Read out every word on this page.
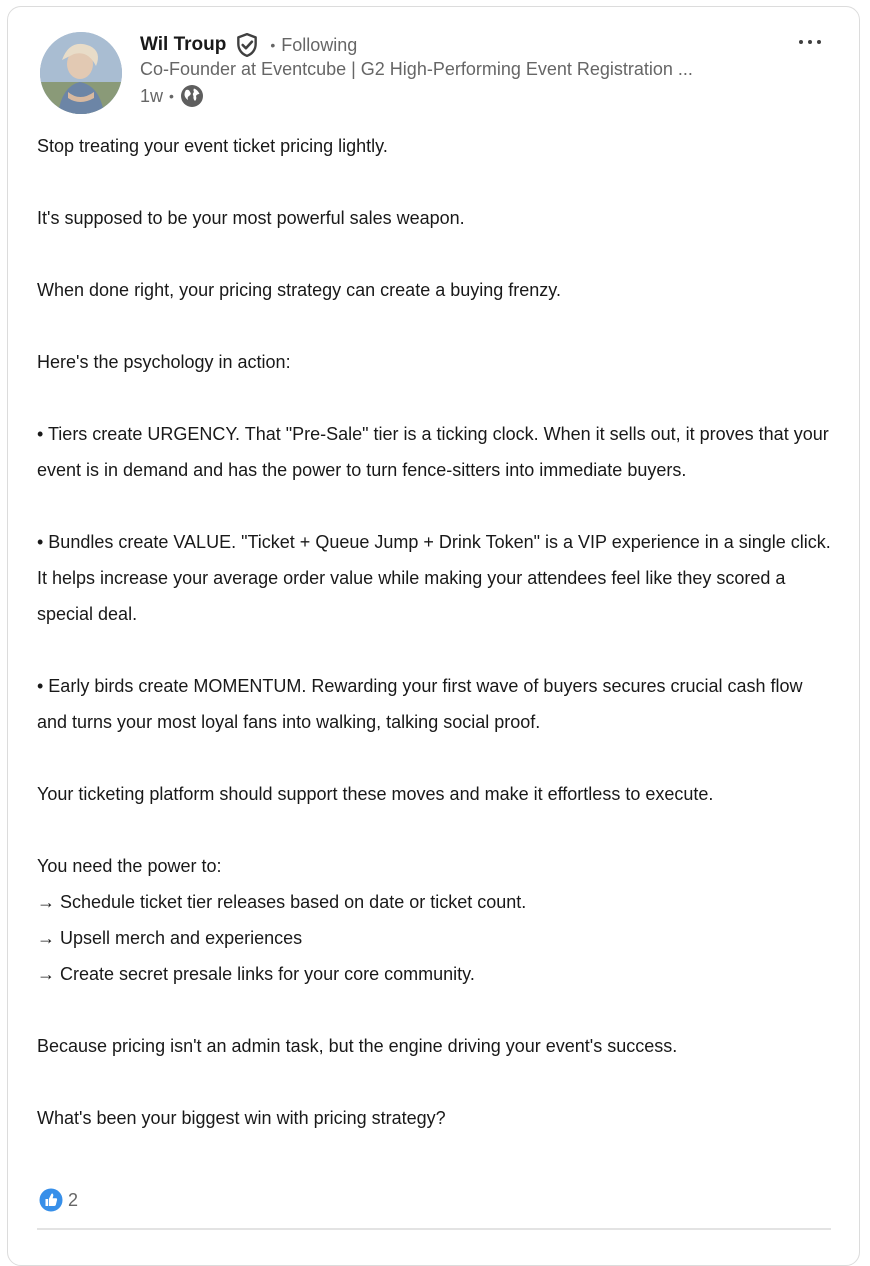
Wil Troup	• Following
Co-Founder at Eventcube | G2 High-Performing Event Registration ...
1w •

Stop treating your event ticket pricing lightly.

It's supposed to be your most powerful sales weapon.

When done right, your pricing strategy can create a buying frenzy.

Here's the psychology in action:

• Tiers create URGENCY. That "Pre-Sale" tier is a ticking clock. When it sells out, it proves that your event is in demand and has the power to turn fence-sitters into immediate buyers.

• Bundles create VALUE. "Ticket + Queue Jump + Drink Token" is a VIP experience in a single click. It helps increase your average order value while making your attendees feel like they scored a special deal.

• Early birds create MOMENTUM. Rewarding your first wave of buyers secures crucial cash flow and turns your most loyal fans into walking, talking social proof.

Your ticketing platform should support these moves and make it effortless to execute.

You need the power to:

→ Schedule ticket tier releases based on date or ticket count.

→ Upsell merch and experiences

→ Create secret presale links for your core community.

Because pricing isn't an admin task, but the engine driving your event's success.

What's been your biggest win with pricing strategy?

2
